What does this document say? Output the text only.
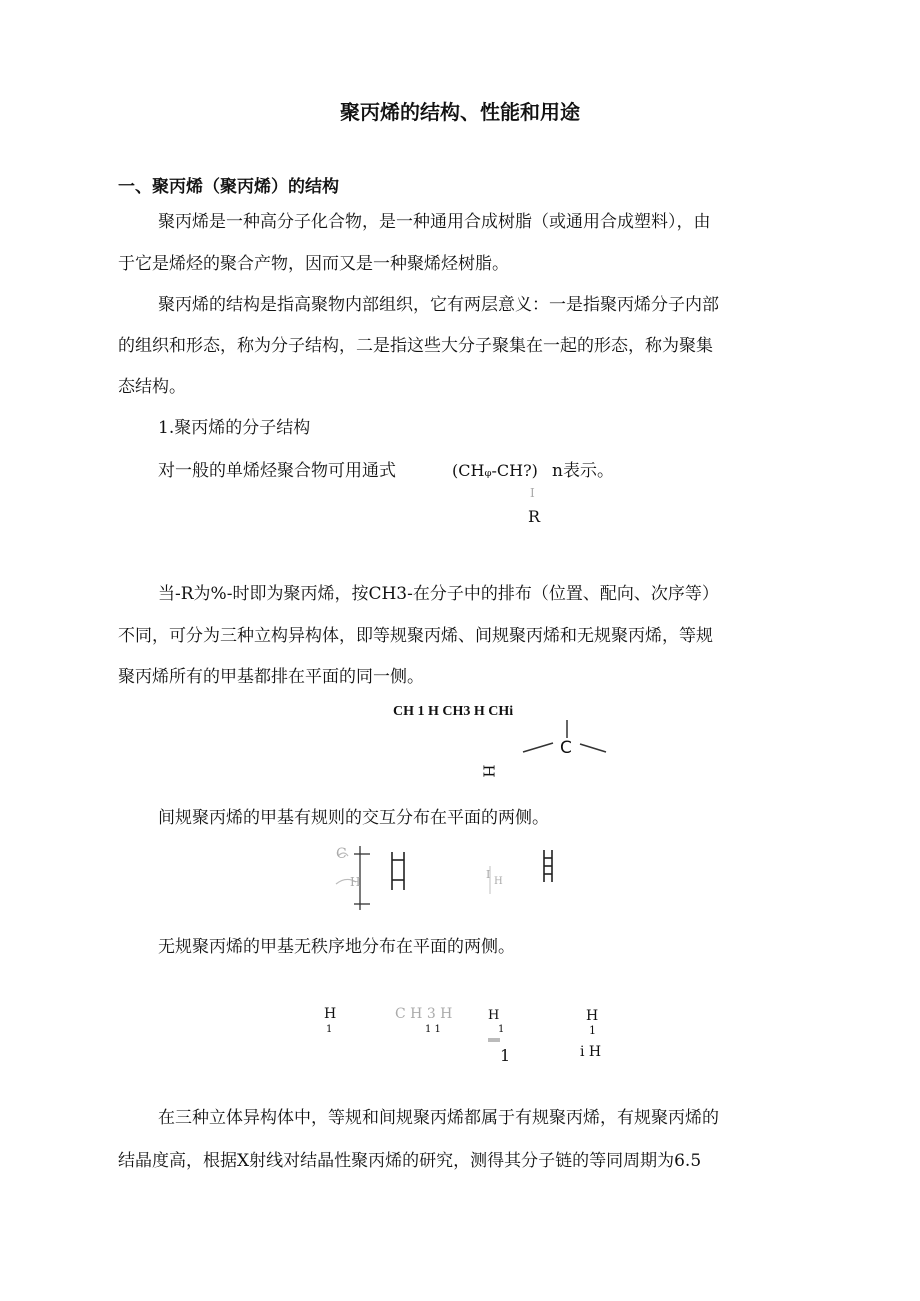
聚丙烯的结构、性能和用途
一、聚丙烯（聚丙烯）的结构
聚丙烯是一种高分子化合物，是一种通用合成树脂（或通用合成塑料），由
于它是烯烃的聚合产物，因而又是一种聚烯烃树脂。
聚丙烯的结构是指高聚物内部组织，它有两层意义：一是指聚丙烯分子内部
的组织和形态，称为分子结构，二是指这些大分子聚集在一起的形态，称为聚集
态结构。
1.聚丙烯的分子结构
对一般的单烯烃聚合物可用通式	(CHᵩ-CH?) n表示。
I
R
当-R为%-时即为聚丙烯，按CH3-在分子中的排布（位置、配向、次序等）
不同，可分为三种立构异构体，即等规聚丙烯、间规聚丙烯和无规聚丙烯，等规
聚丙烯所有的甲基都排在平面的同一侧。
CH 1 H CH3 H CHi
C
H
间规聚丙烯的甲基有规则的交互分布在平面的两侧。
C
H
I
H
无规聚丙烯的甲基无秩序地分布在平面的两侧。
H
1
C H 3 H
1 1
H
1
1
H
1
i H
在三种立体异构体中，等规和间规聚丙烯都属于有规聚丙烯，有规聚丙烯的
结晶度高，根据X射线对结晶性聚丙烯的研究，测得其分子链的等同周期为6.5
